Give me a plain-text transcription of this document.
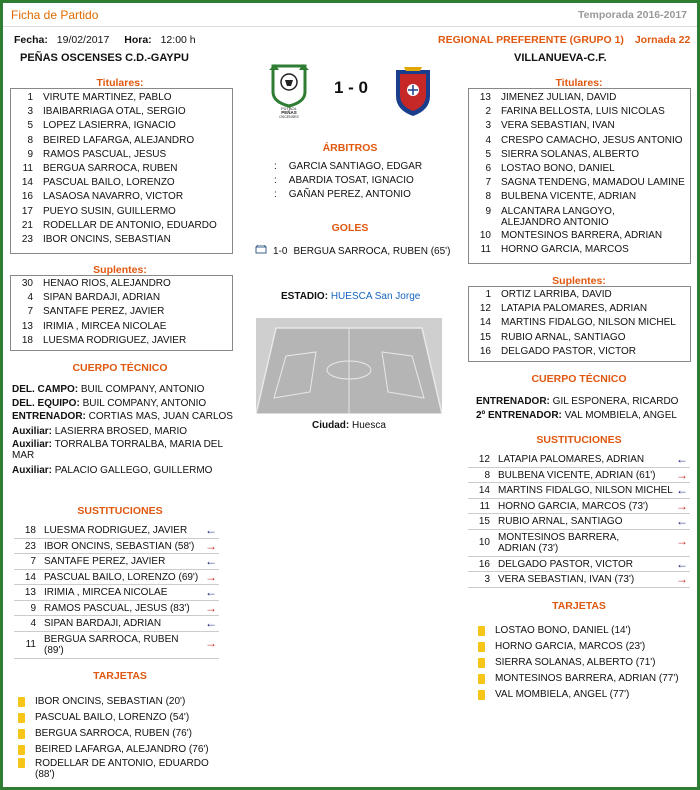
Ficha de Partido	Temporada 2016-2017
Fecha: 19/02/2017 Hora: 12:00 h	REGIONAL PREFERENTE (GRUPO 1) Jornada 22
PEÑAS OSCENSES C.D.-GAYPU	VILLANUEVA-C.F.
FÚTBOL
PEÑAS
OSCENSES
1 - 0
Titulares:
1 VIRUTE MARTINEZ, PABLO
3 IBAIBARRIAGA OTAL, SERGIO
5 LOPEZ LASIERRA, IGNACIO
8 BEIRED LAFARGA, ALEJANDRO
9 RAMOS PASCUAL, JESUS
11 BERGUA SARROCA, RUBEN
14 PASCUAL BAILO, LORENZO
16 LASAOSA NAVARRO, VICTOR
17 PUEYO SUSIN, GUILLERMO
21 RODELLAR DE ANTONIO, EDUARDO
23 IBOR ONCINS, SEBASTIAN
Suplentes:
30 HENAO RIOS, ALEJANDRO
4 SIPAN BARDAJI, ADRIAN
7 SANTAFE PEREZ, JAVIER
13 IRIMIA , MIRCEA NICOLAE
18 LUESMA RODRIGUEZ, JAVIER
CUERPO TÉCNICO
DEL. CAMPO: BUIL COMPANY, ANTONIO
DEL. EQUIPO: BUIL COMPANY, ANTONIO
ENTRENADOR: CORTIAS MAS, JUAN CARLOS
Auxiliar: LASIERRA BROSED, MARIO
Auxiliar: TORRALBA TORRALBA, MARIA DEL MAR
Auxiliar: PALACIO GALLEGO, GUILLERMO
SUSTITUCIONES
18 LUESMA RODRIGUEZ, JAVIER ←
23 IBOR ONCINS, SEBASTIAN (58') →
7 SANTAFE PEREZ, JAVIER	←
14 PASCUAL BAILO, LORENZO (69') →
13 IRIMIA , MIRCEA NICOLAE	←
9 RAMOS PASCUAL, JESUS (83') →
4 SIPAN BARDAJI, ADRIAN	←
11 BERGUA SARROCA, RUBEN (89')
→
TARJETAS
IBOR ONCINS, SEBASTIAN (20')
PASCUAL BAILO, LORENZO (54')
BERGUA SARROCA, RUBEN (76')
BEIRED LAFARGA, ALEJANDRO (76')
RODELLAR DE ANTONIO, EDUARDO (88')
ÁRBITROS
: GARCIA SANTIAGO, EDGAR
: ABARDIA TOSAT, IGNACIO
: GAÑAN PEREZ, ANTONIO
GOLES
1-0 BERGUA SARROCA, RUBEN (65')
ESTADIO: HUESCA San Jorge
Ciudad: Huesca
Titulares:
13 JIMENEZ JULIAN, DAVID
2 FARINA BELLOSTA, LUIS NICOLAS
3 VERA SEBASTIAN, IVAN
4 CRESPO CAMACHO, JESUS ANTONIO
5 SIERRA SOLANAS, ALBERTO
6 LOSTAO BONO, DANIEL
7 SAGNA TENDENG, MAMADOU LAMINE
8 BULBENA VICENTE, ADRIAN
9 ALCANTARA LANGOYO, ALEJANDRO ANTONIO
10 MONTESINOS BARRERA, ADRIAN
11 HORNO GARCIA, MARCOS
Suplentes:
1 ORTIZ LARRIBA, DAVID
12 LATAPIA PALOMARES, ADRIAN
14 MARTINS FIDALGO, NILSON MICHEL
15 RUBIO ARNAL, SANTIAGO
16 DELGADO PASTOR, VICTOR
CUERPO TÉCNICO
ENTRENADOR: GIL ESPONERA, RICARDO
2º ENTRENADOR: VAL MOMBIELA, ANGEL
SUSTITUCIONES
12 LATAPIA PALOMARES, ADRIAN	←
8 BULBENA VICENTE, ADRIAN (61') →
14 MARTINS FIDALGO, NILSON MICHEL ←
11 HORNO GARCIA, MARCOS (73') →
15 RUBIO ARNAL, SANTIAGO	←
10 MONTESINOS BARRERA, ADRIAN (73')
→
16 DELGADO PASTOR, VICTOR	←
3 VERA SEBASTIAN, IVAN (73')	→
TARJETAS
LOSTAO BONO, DANIEL (14')
HORNO GARCIA, MARCOS (23')
SIERRA SOLANAS, ALBERTO (71')
MONTESINOS BARRERA, ADRIAN (77')
VAL MOMBIELA, ANGEL (77')
